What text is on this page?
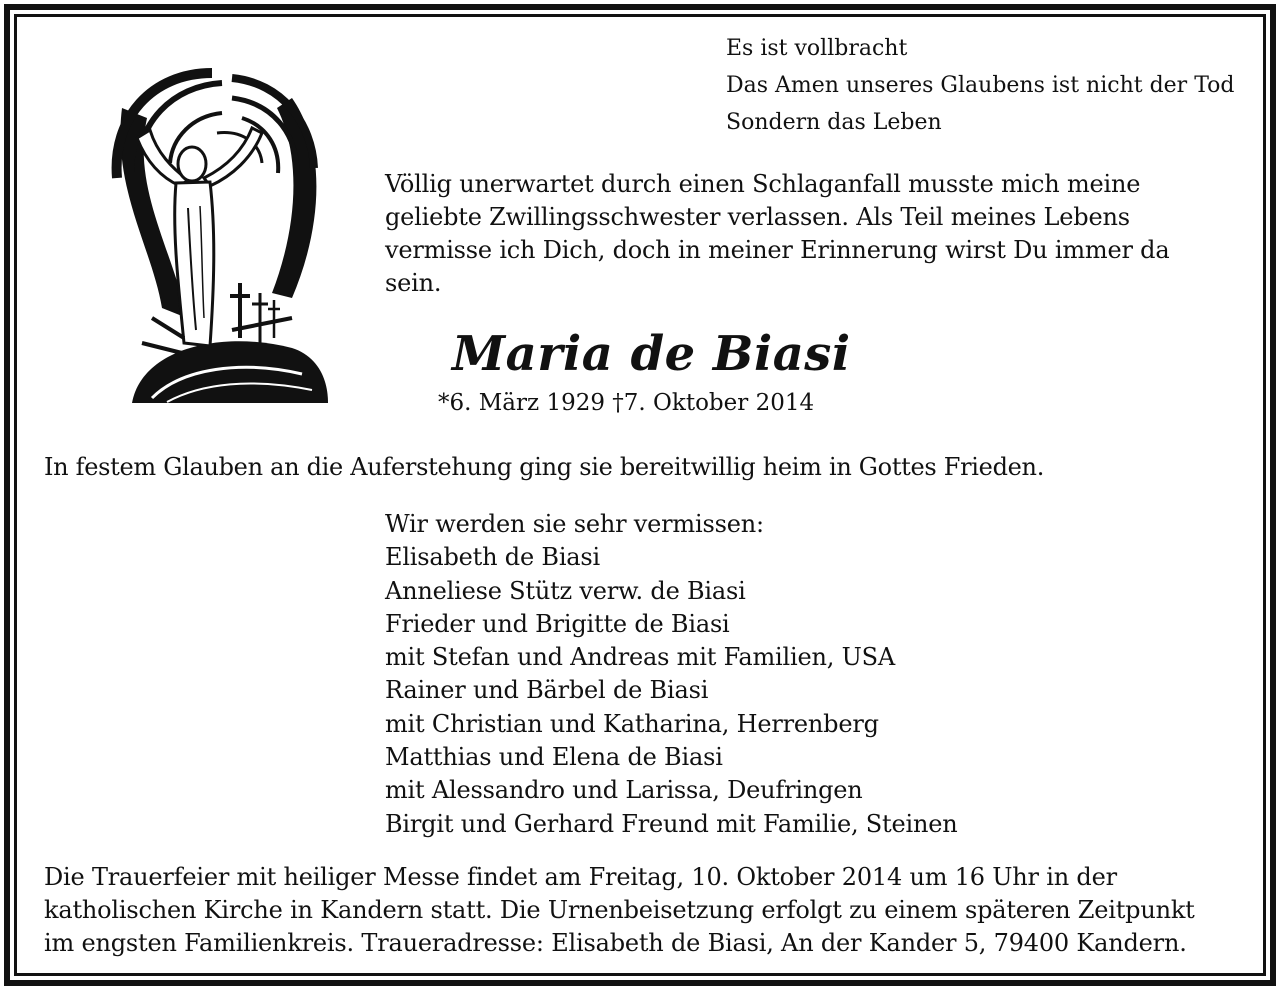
Es ist vollbracht
Das Amen unseres Glaubens ist nicht der Tod
Sondern das Leben
Völlig unerwartet durch einen Schlaganfall musste mich meine geliebte Zwillingsschwester verlassen. Als Teil meines Lebens vermisse ich Dich, doch in meiner Erinnerung wirst Du immer da sein.
Maria de Biasi
*6. März 1929 †7. Oktober 2014
In festem Glauben an die Auferstehung ging sie bereitwillig heim in Gottes Frieden.
Wir werden sie sehr vermissen:
Elisabeth de Biasi
Anneliese Stütz verw. de Biasi
Frieder und Brigitte de Biasi
mit Stefan und Andreas mit Familien, USA
Rainer und Bärbel de Biasi
mit Christian und Katharina, Herrenberg
Matthias und Elena de Biasi
mit Alessandro und Larissa, Deufringen
Birgit und Gerhard Freund mit Familie, Steinen
Die Trauerfeier mit heiliger Messe findet am Freitag, 10. Oktober 2014 um 16 Uhr in der
katholischen Kirche in Kandern statt. Die Urnenbeisetzung erfolgt zu einem späteren Zeitpunkt
im engsten Familienkreis. Traueradresse: Elisabeth de Biasi, An der Kander 5, 79400 Kandern.
